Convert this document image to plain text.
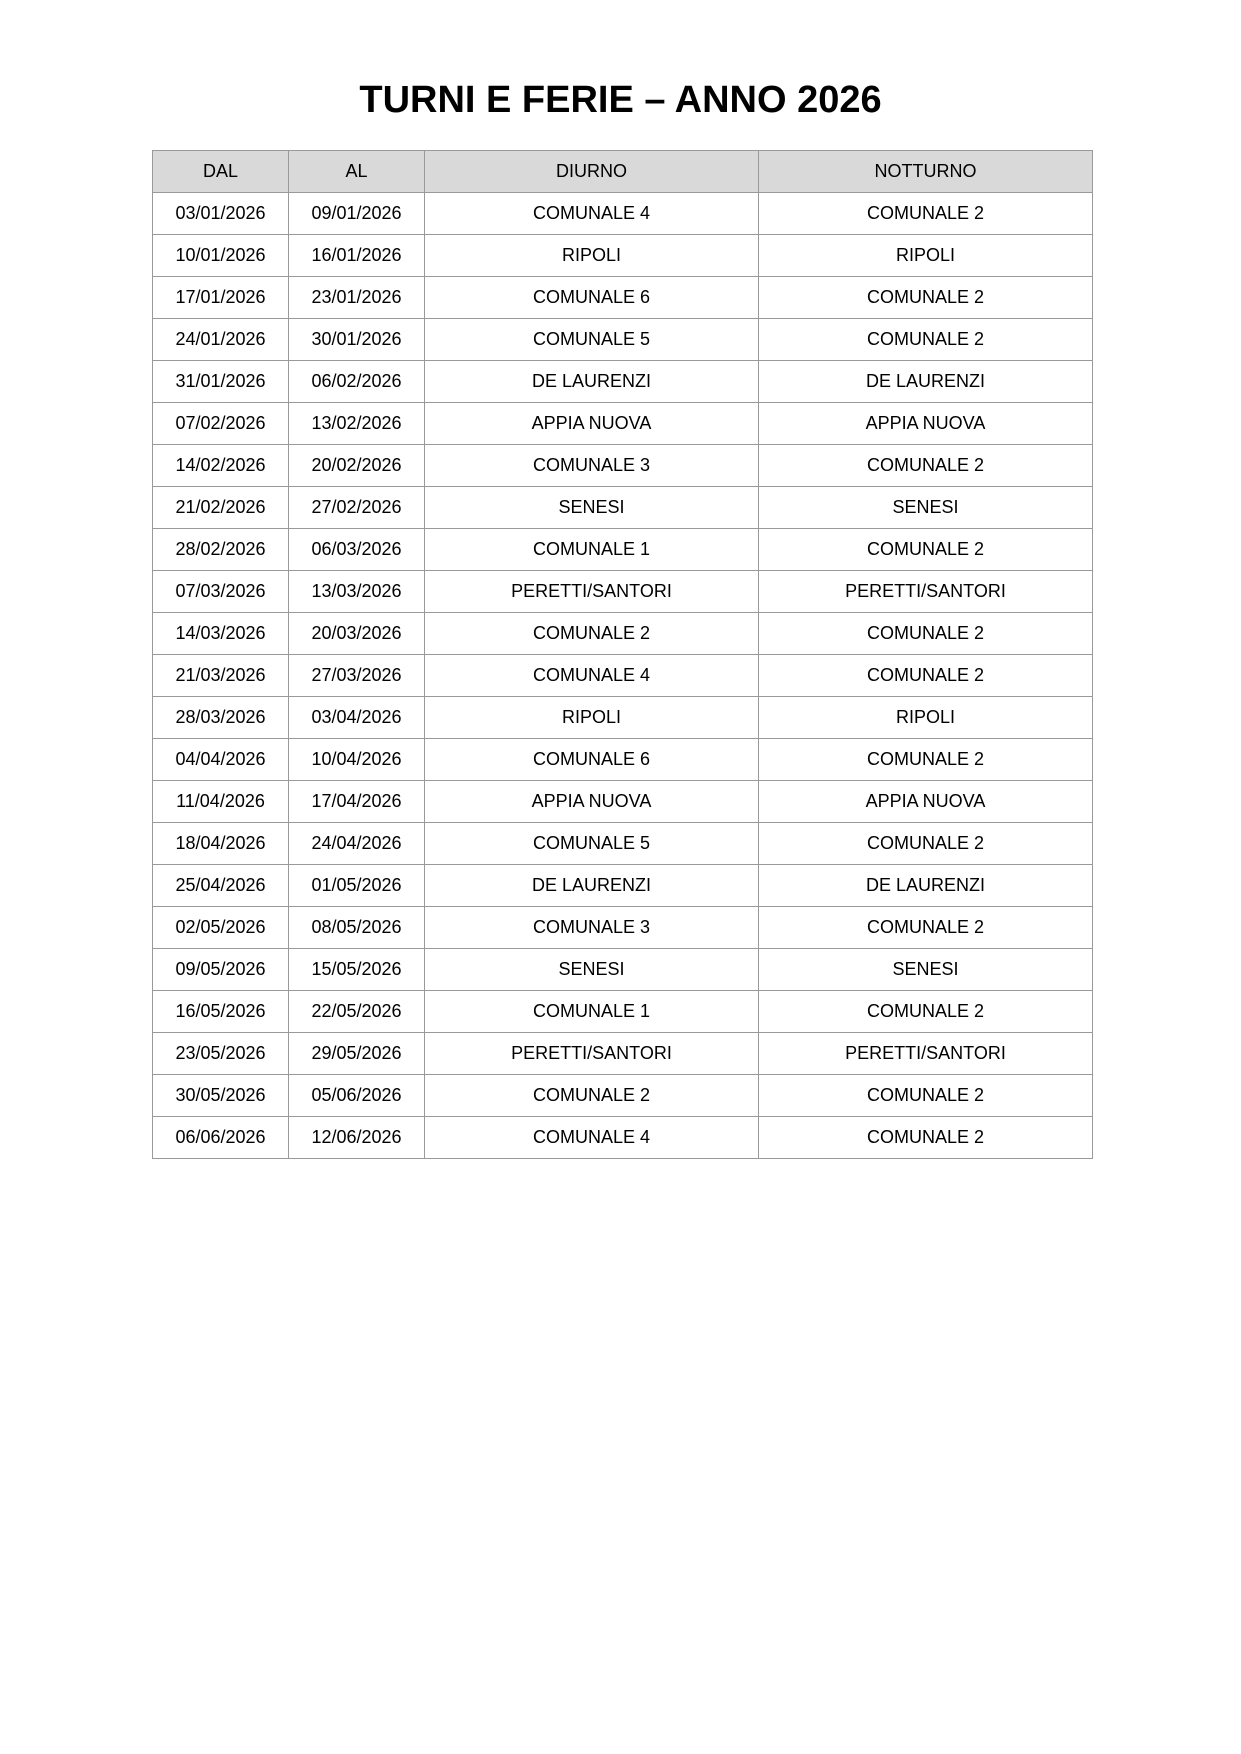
TURNI E FERIE – ANNO 2026
DAL	AL	DIURNO	NOTTURNO
03/01/2026	09/01/2026	COMUNALE 4	COMUNALE 2
10/01/2026	16/01/2026	RIPOLI	RIPOLI
17/01/2026	23/01/2026	COMUNALE 6	COMUNALE 2
24/01/2026	30/01/2026	COMUNALE 5	COMUNALE 2
31/01/2026	06/02/2026	DE LAURENZI	DE LAURENZI
07/02/2026	13/02/2026	APPIA NUOVA	APPIA NUOVA
14/02/2026	20/02/2026	COMUNALE 3	COMUNALE 2
21/02/2026	27/02/2026	SENESI	SENESI
28/02/2026	06/03/2026	COMUNALE 1	COMUNALE 2
07/03/2026	13/03/2026	PERETTI/SANTORI	PERETTI/SANTORI
14/03/2026	20/03/2026	COMUNALE 2	COMUNALE 2
21/03/2026	27/03/2026	COMUNALE 4	COMUNALE 2
28/03/2026	03/04/2026	RIPOLI	RIPOLI
04/04/2026	10/04/2026	COMUNALE 6	COMUNALE 2
11/04/2026	17/04/2026	APPIA NUOVA	APPIA NUOVA
18/04/2026	24/04/2026	COMUNALE 5	COMUNALE 2
25/04/2026	01/05/2026	DE LAURENZI	DE LAURENZI
02/05/2026	08/05/2026	COMUNALE 3	COMUNALE 2
09/05/2026	15/05/2026	SENESI	SENESI
16/05/2026	22/05/2026	COMUNALE 1	COMUNALE 2
23/05/2026	29/05/2026	PERETTI/SANTORI	PERETTI/SANTORI
30/05/2026	05/06/2026	COMUNALE 2	COMUNALE 2
06/06/2026	12/06/2026	COMUNALE 4	COMUNALE 2
